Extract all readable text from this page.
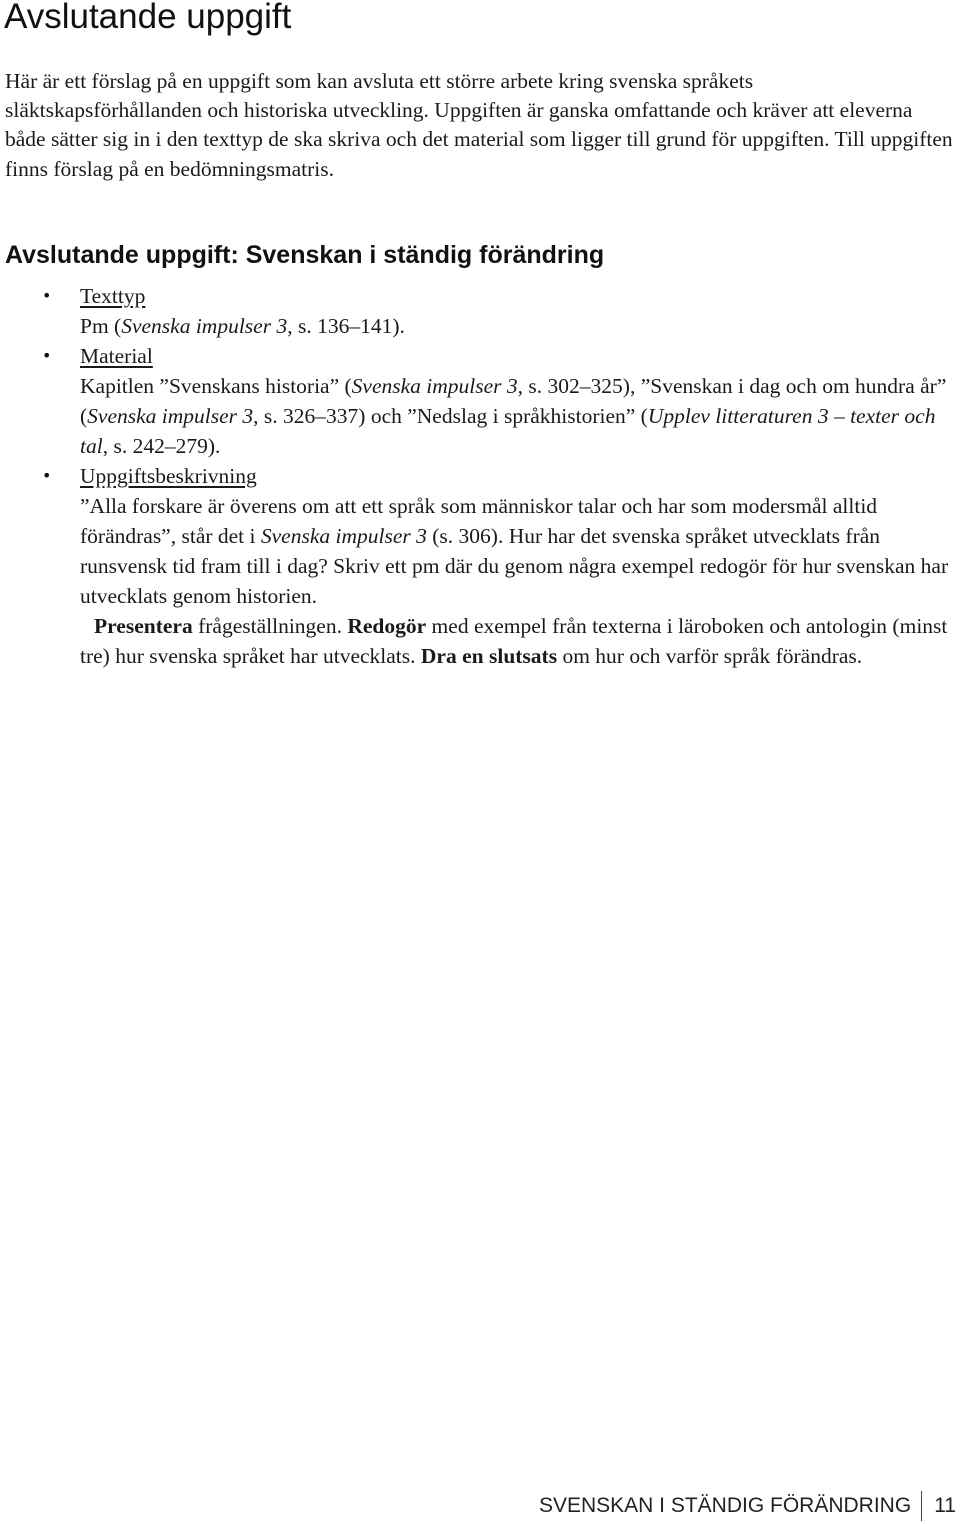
Avslutande uppgift

Här är ett förslag på en uppgift som kan avsluta ett större arbete kring svenska språkets släktskapsförhållanden och historiska utveckling. Uppgiften är ganska omfattande och kräver att eleverna både sätter sig in i den texttyp de ska skriva och det material som ligger till grund för uppgiften. Till uppgiften finns förslag på en bedömningsmatris.

Avslutande uppgift: Svenskan i ständig förändring
• Texttyp
Pm (Svenska impulser 3, s. 136–141).
• Material
Kapitlen ”Svenskans historia” (Svenska impulser 3, s. 302–325), ”Svenskan i dag och om hundra år” (Svenska impulser 3, s. 326–337) och ”Nedslag i språkhistorien” (Upplev litteraturen 3 – texter och tal, s. 242–279).
• Uppgiftsbeskrivning
”Alla forskare är överens om att ett språk som människor talar och har som modersmål alltid förändras”, står det i Svenska impulser 3 (s. 306). Hur har det svenska språket utvecklats från runsvensk tid fram till i dag? Skriv ett pm där du genom några exempel redogör för hur svenskan har utvecklats genom historien.
Presentera frågeställningen. Redogör med exempel från texterna i läroboken och antologin (minst tre) hur svenska språket har utvecklats. Dra en slutsats om hur och varför språk förändras.
SVENSKAN I STÄNDIG FÖRÄNDRING 11
